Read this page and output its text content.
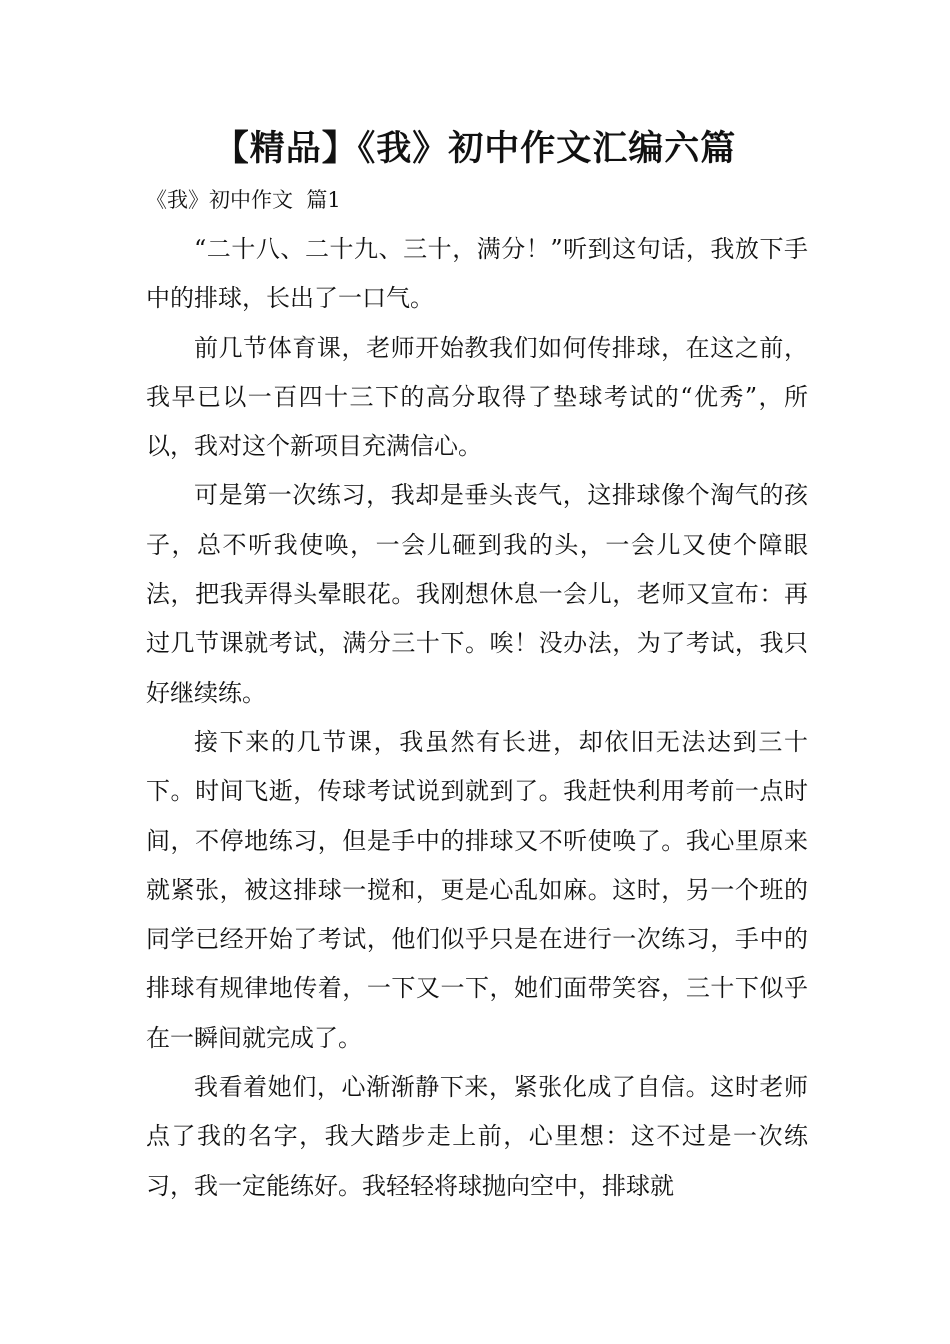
【精品】《我》初中作文汇编六篇
《我》初中作文  篇1

“二十八、二十九、三十，满分！”听到这句话，我放下手中的排球，长出了一口气。

前几节体育课，老师开始教我们如何传排球，在这之前，我早已以一百四十三下的高分取得了垫球考试的“优秀”，所以，我对这个新项目充满信心。

可是第一次练习，我却是垂头丧气，这排球像个淘气的孩子，总不听我使唤，一会儿砸到我的头，一会儿又使个障眼法，把我弄得头晕眼花。我刚想休息一会儿，老师又宣布：再过几节课就考试，满分三十下。唉！没办法，为了考试，我只好继续练。

接下来的几节课，我虽然有长进，却依旧无法达到三十下。时间飞逝，传球考试说到就到了。我赶快利用考前一点时间，不停地练习，但是手中的排球又不听使唤了。我心里原来就紧张，被这排球一搅和，更是心乱如麻。这时，另一个班的同学已经开始了考试，他们似乎只是在进行一次练习，手中的排球有规律地传着，一下又一下，她们面带笑容，三十下似乎在一瞬间就完成了。

我看着她们，心渐渐静下来，紧张化成了自信。这时老师点了我的名字，我大踏步走上前，心里想：这不过是一次练习，我一定能练好。我轻轻将球抛向空中，排球就
